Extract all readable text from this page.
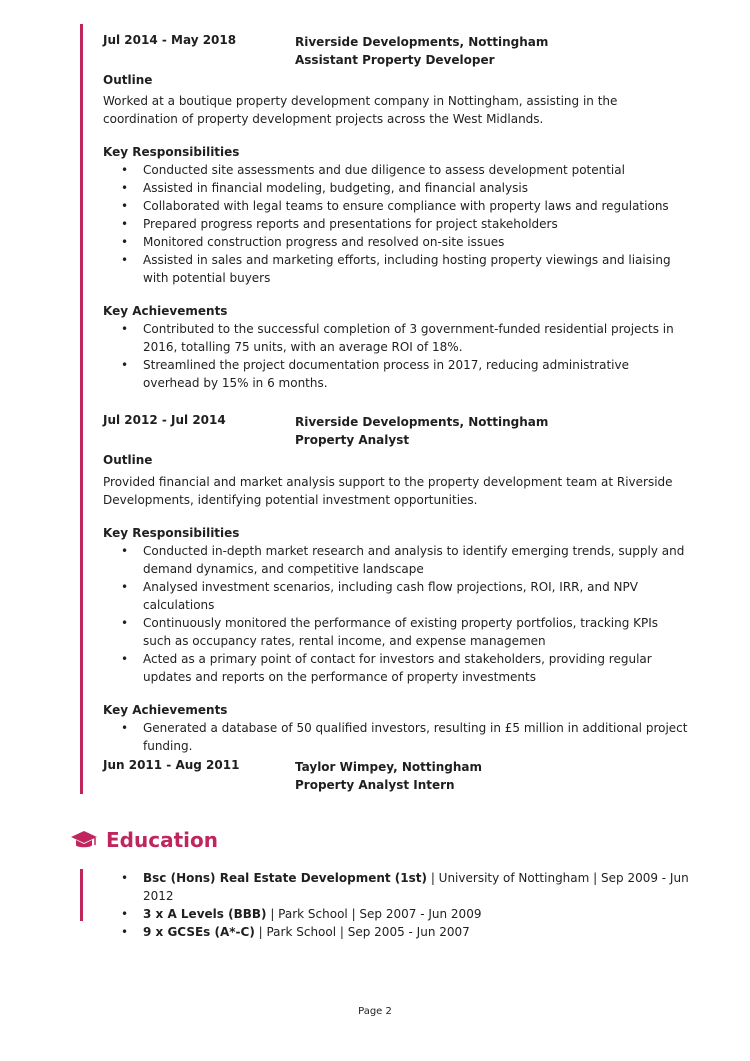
Jul 2014 - May 2018	Riverside Developments, Nottingham
Assistant Property Developer
Outline

Worked at a boutique property development company in Nottingham, assisting in the coordination of property development projects across the West Midlands.

Key Responsibilities
• Conducted site assessments and due diligence to assess development potential
• Assisted in financial modeling, budgeting, and financial analysis
• Collaborated with legal teams to ensure compliance with property laws and regulations
• Prepared progress reports and presentations for project stakeholders
• Monitored construction progress and resolved on-site issues
• Assisted in sales and marketing efforts, including hosting property viewings and liaising with potential buyers
Key Achievements
• Contributed to the successful completion of 3 government-funded residential projects in 2016, totalling 75 units, with an average ROI of 18%.
• Streamlined the project documentation process in 2017, reducing administrative overhead by 15% in 6 months.
Jul 2012 - Jul 2014	Riverside Developments, Nottingham
Property Analyst
Outline

Provided financial and market analysis support to the property development team at Riverside Developments, identifying potential investment opportunities.

Key Responsibilities
• Conducted in-depth market research and analysis to identify emerging trends, supply and demand dynamics, and competitive landscape
• Analysed investment scenarios, including cash flow projections, ROI, IRR, and NPV calculations
• Continuously monitored the performance of existing property portfolios, tracking KPIs such as occupancy rates, rental income, and expense managemen
• Acted as a primary point of contact for investors and stakeholders, providing regular updates and reports on the performance of property investments
Key Achievements
• Generated a database of 50 qualified investors, resulting in £5 million in additional project funding.
Jun 2011 - Aug 2011	Taylor Wimpey, Nottingham
Property Analyst Intern
Education
• Bsc (Hons) Real Estate Development (1st) | University of Nottingham | Sep 2009 - Jun 2012
• 3 x A Levels (BBB) | Park School | Sep 2007 - Jun 2009
• 9 x GCSEs (A*-C) | Park School | Sep 2005 - Jun 2007
Page 2
